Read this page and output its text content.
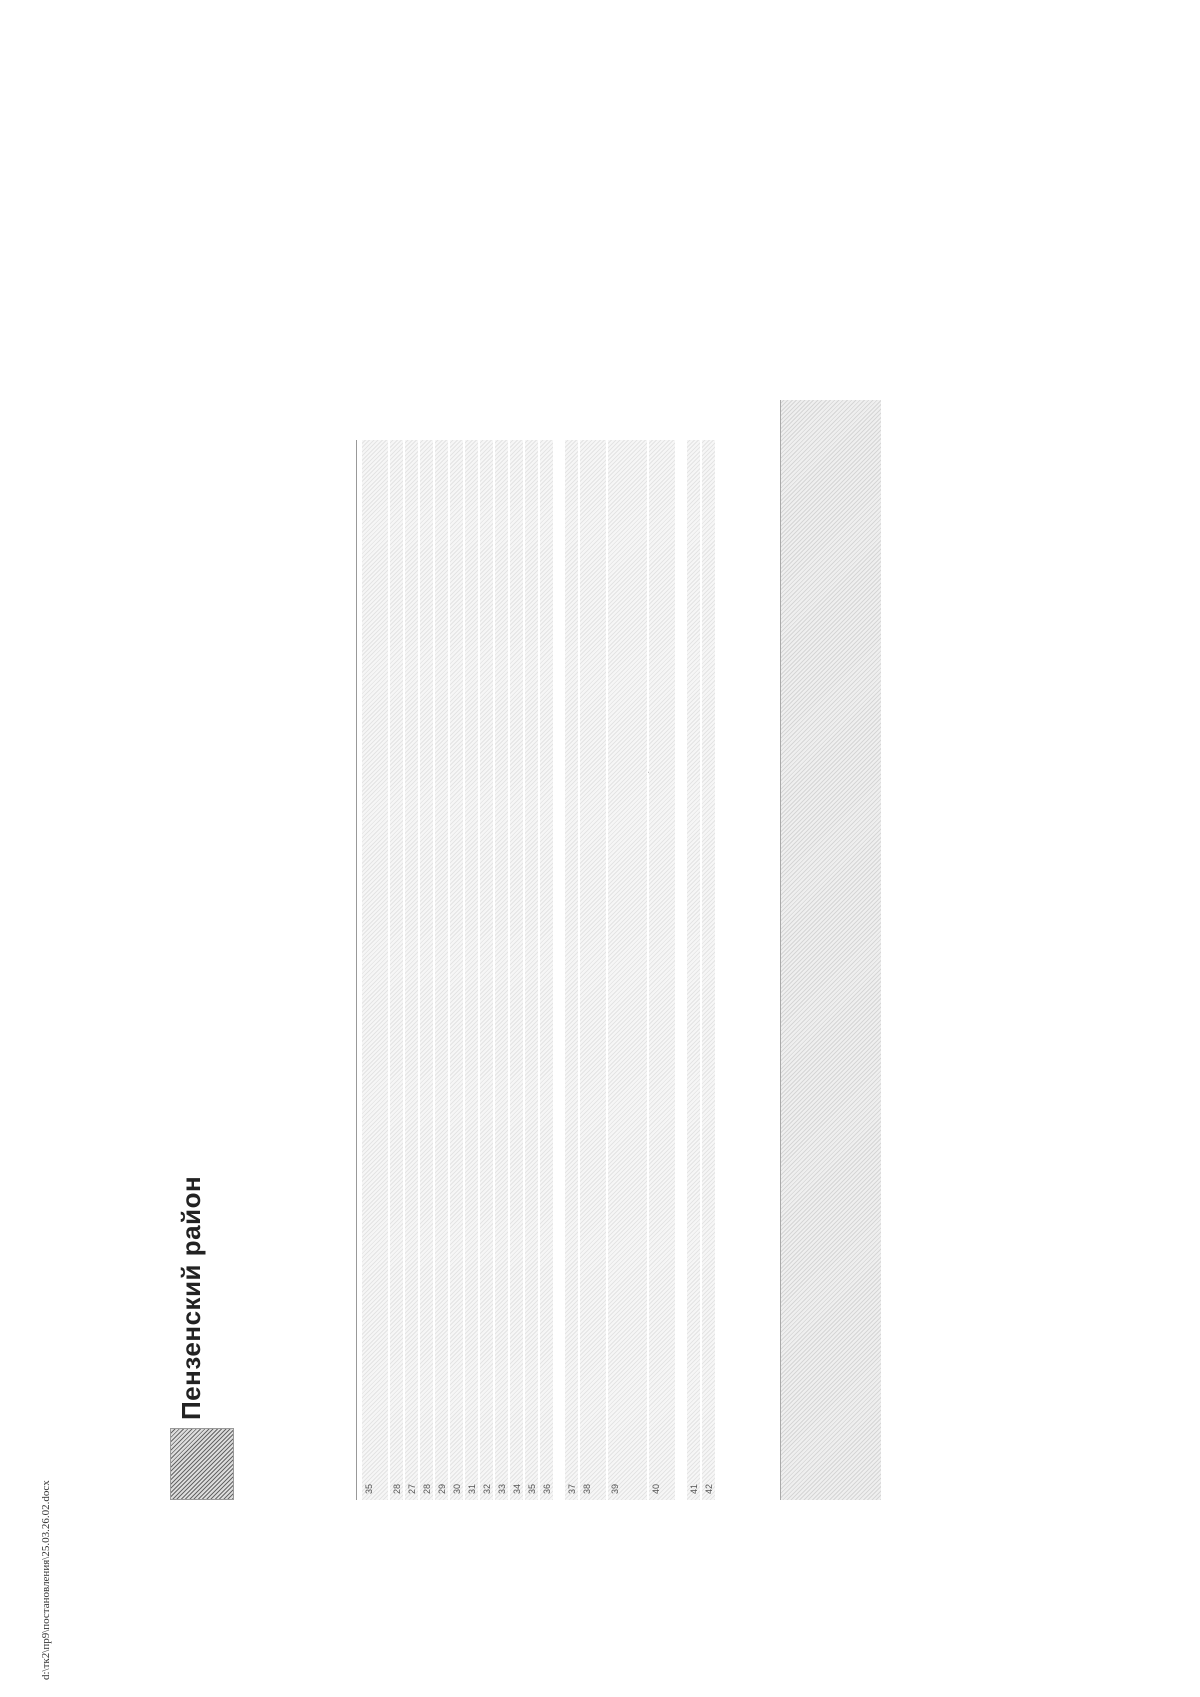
d:\тк2\пр9\постановления\25.03.26.02.docx
Пензенский район
35 28 27 28 29 30 31 32 33 34 35 36 37 38 39	40	41 42
